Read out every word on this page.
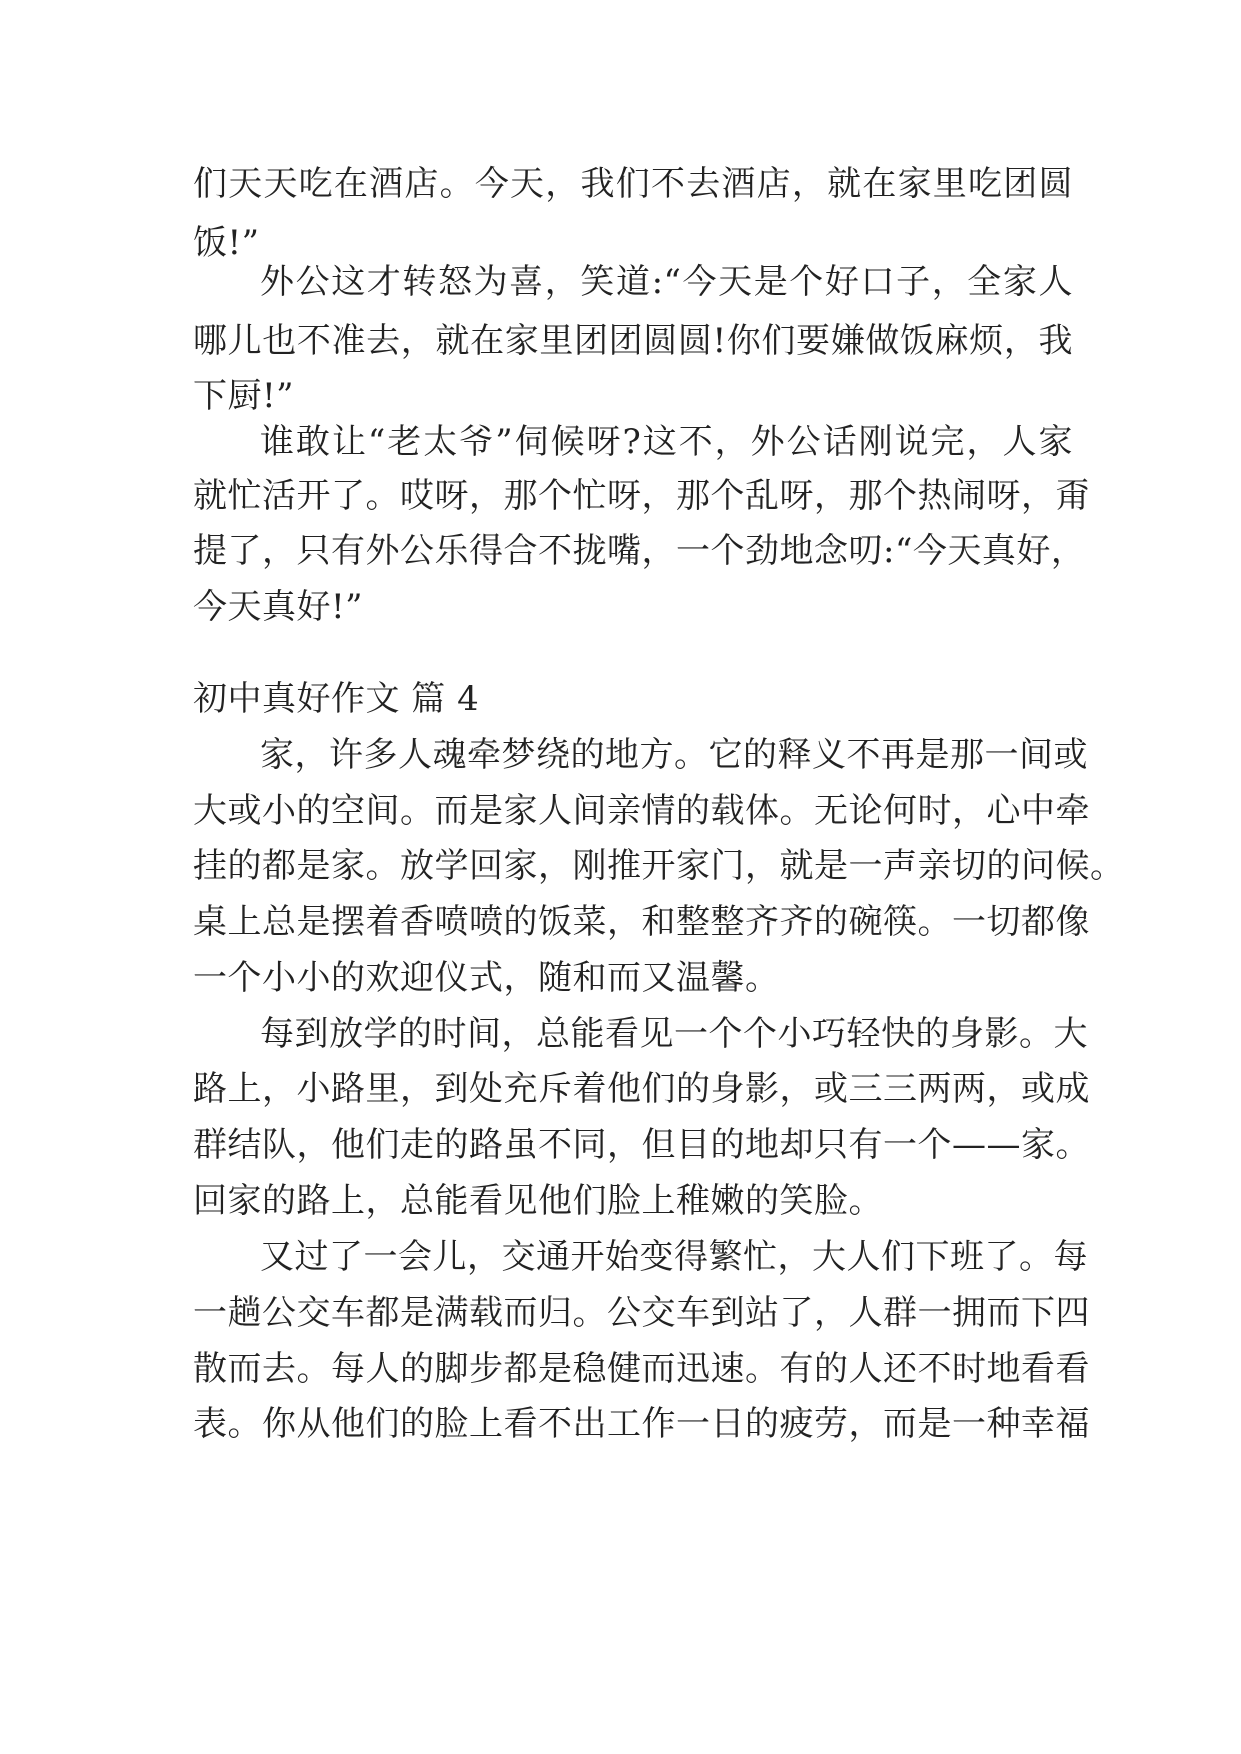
们天天吃在酒店。今天，我们不去酒店，就在家里吃团圆
饭!”
外公这才转怒为喜，笑道:“今天是个好口子，全家人
哪儿也不准去，就在家里团团圆圆!你们要嫌做饭麻烦，我
下厨!”
谁敢让“老太爷”伺候呀?这不，外公话刚说完，人家
就忙活开了。哎呀，那个忙呀，那个乱呀，那个热闹呀，甭
提了，只有外公乐得合不拢嘴，一个劲地念叨:“今天真好，
今天真好!”
初中真好作文 篇 4
家，许多人魂牵梦绕的地方。它的释义不再是那一间或
大或小的空间。而是家人间亲情的载体。无论何时，心中牵
挂的都是家。放学回家，刚推开家门，就是一声亲切的问候。
桌上总是摆着香喷喷的饭菜，和整整齐齐的碗筷。一切都像
一个小小的欢迎仪式，随和而又温馨。
每到放学的时间，总能看见一个个小巧轻快的身影。大
路上，小路里，到处充斥着他们的身影，或三三两两，或成
群结队，他们走的路虽不同，但目的地却只有一个——家。
回家的路上，总能看见他们脸上稚嫩的笑脸。
又过了一会儿，交通开始变得繁忙，大人们下班了。每
一趟公交车都是满载而归。公交车到站了，人群一拥而下四
散而去。每人的脚步都是稳健而迅速。有的人还不时地看看
表。你从他们的脸上看不出工作一日的疲劳，而是一种幸福
